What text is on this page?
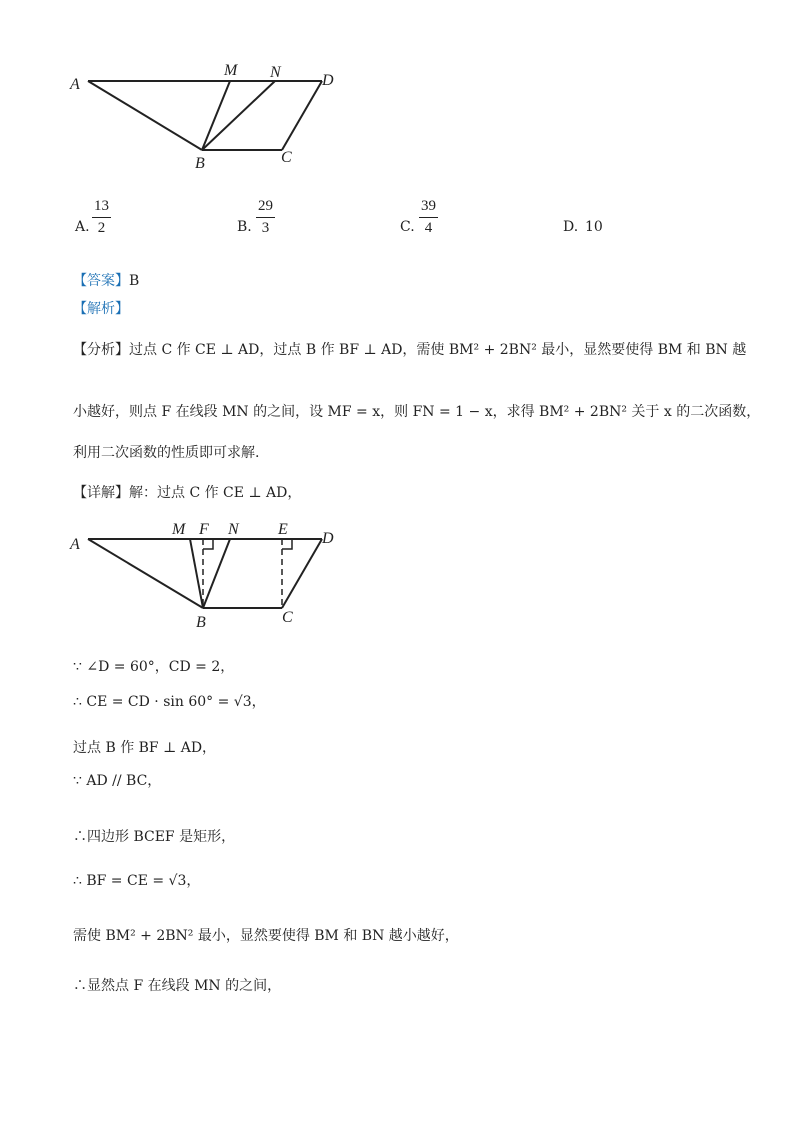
A
M N	D
B	C
A.
13
2	B.
29
3	C.
39
4	D. 10
【答案】B
【解析】
【分析】过点 C 作 CE ⊥ AD，过点 B 作 BF ⊥ AD，需使 BM² + 2BN² 最小，显然要使得 BM 和 BN 越
小越好，则点 F 在线段 MN 的之间，设 MF = x，则 FN = 1 − x，求得 BM² + 2BN² 关于 x 的二次函数，
利用二次函数的性质即可求解.
【详解】解：过点 C 作 CE ⊥ AD，
A
M F N E
D
B	C
∵ ∠D = 60°，CD = 2，
∴ CE = CD · sin 60° = √3，
过点 B 作 BF ⊥ AD，
∵ AD // BC，
∴四边形 BCEF 是矩形，
∴ BF = CE = √3，
需使 BM² + 2BN² 最小，显然要使得 BM 和 BN 越小越好，
∴显然点 F 在线段 MN 的之间，
